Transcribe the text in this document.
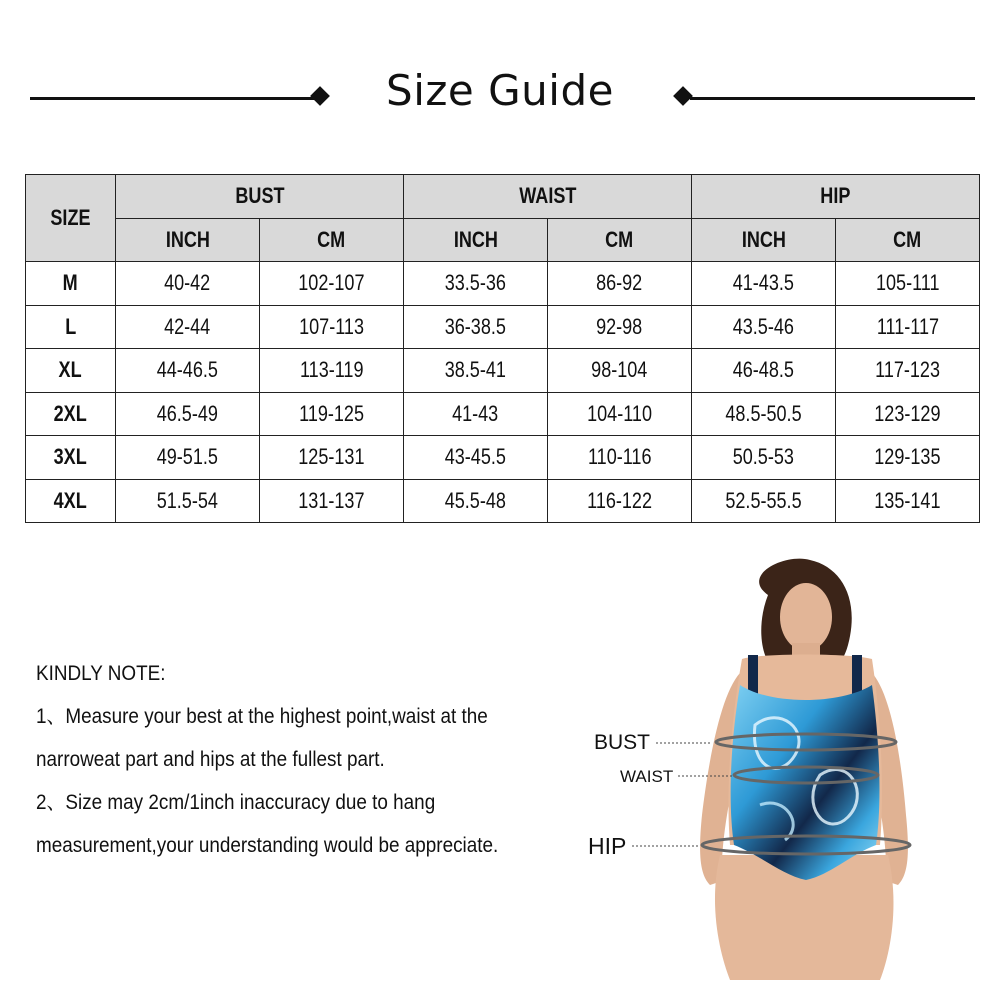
Size Guide
SIZE	BUST		WAIST		HIP	
	INCH	CM	INCH	CM	INCH	CM
M	40-42	102-107	33.5-36	86-92	41-43.5	105-111
L	42-44	107-113	36-38.5	92-98	43.5-46	111-117
XL	44-46.5	113-119	38.5-41	98-104	46-48.5	117-123
2XL	46.5-49	119-125	41-43	104-110	48.5-50.5	123-129
3XL	49-51.5	125-131	43-45.5	110-116	50.5-53	129-135
4XL	51.5-54	131-137	45.5-48	116-122	52.5-55.5	135-141

KINDLY NOTE:

1、Measure your best at the highest point,waist at the

narroweat part and hips at the fullest part.

2、Size may 2cm/1inch inaccuracy due to hang

measurement,your understanding would be appreciate.

BUST
WAIST
HIP
